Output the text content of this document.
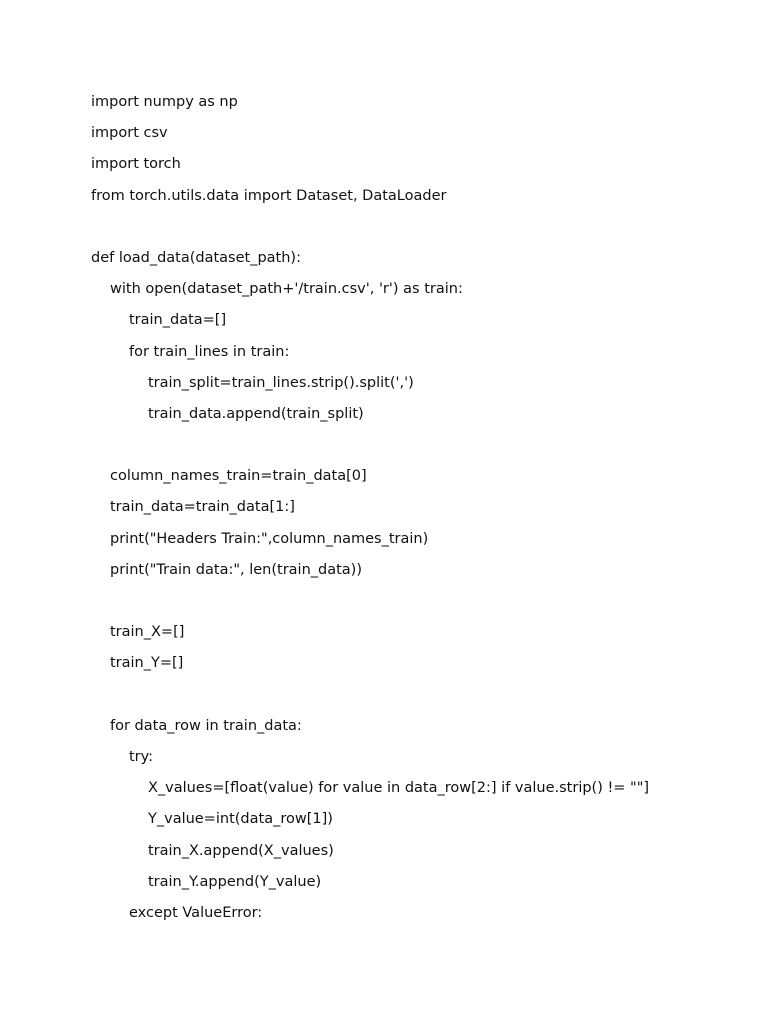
import numpy as np
import csv
import torch
from torch.utils.data import Dataset, DataLoader
def load_data(dataset_path):
with open(dataset_path+'/train.csv', 'r') as train:
train_data=[]
for train_lines in train:
train_split=train_lines.strip().split(',')
train_data.append(train_split)
column_names_train=train_data[0]
train_data=train_data[1:]
print("Headers Train:",column_names_train)
print("Train data:", len(train_data))
train_X=[]
train_Y=[]
for data_row in train_data:
try:
X_values=[float(value) for value in data_row[2:] if value.strip() != ""]
Y_value=int(data_row[1])
train_X.append(X_values)
train_Y.append(Y_value)
except ValueError:
